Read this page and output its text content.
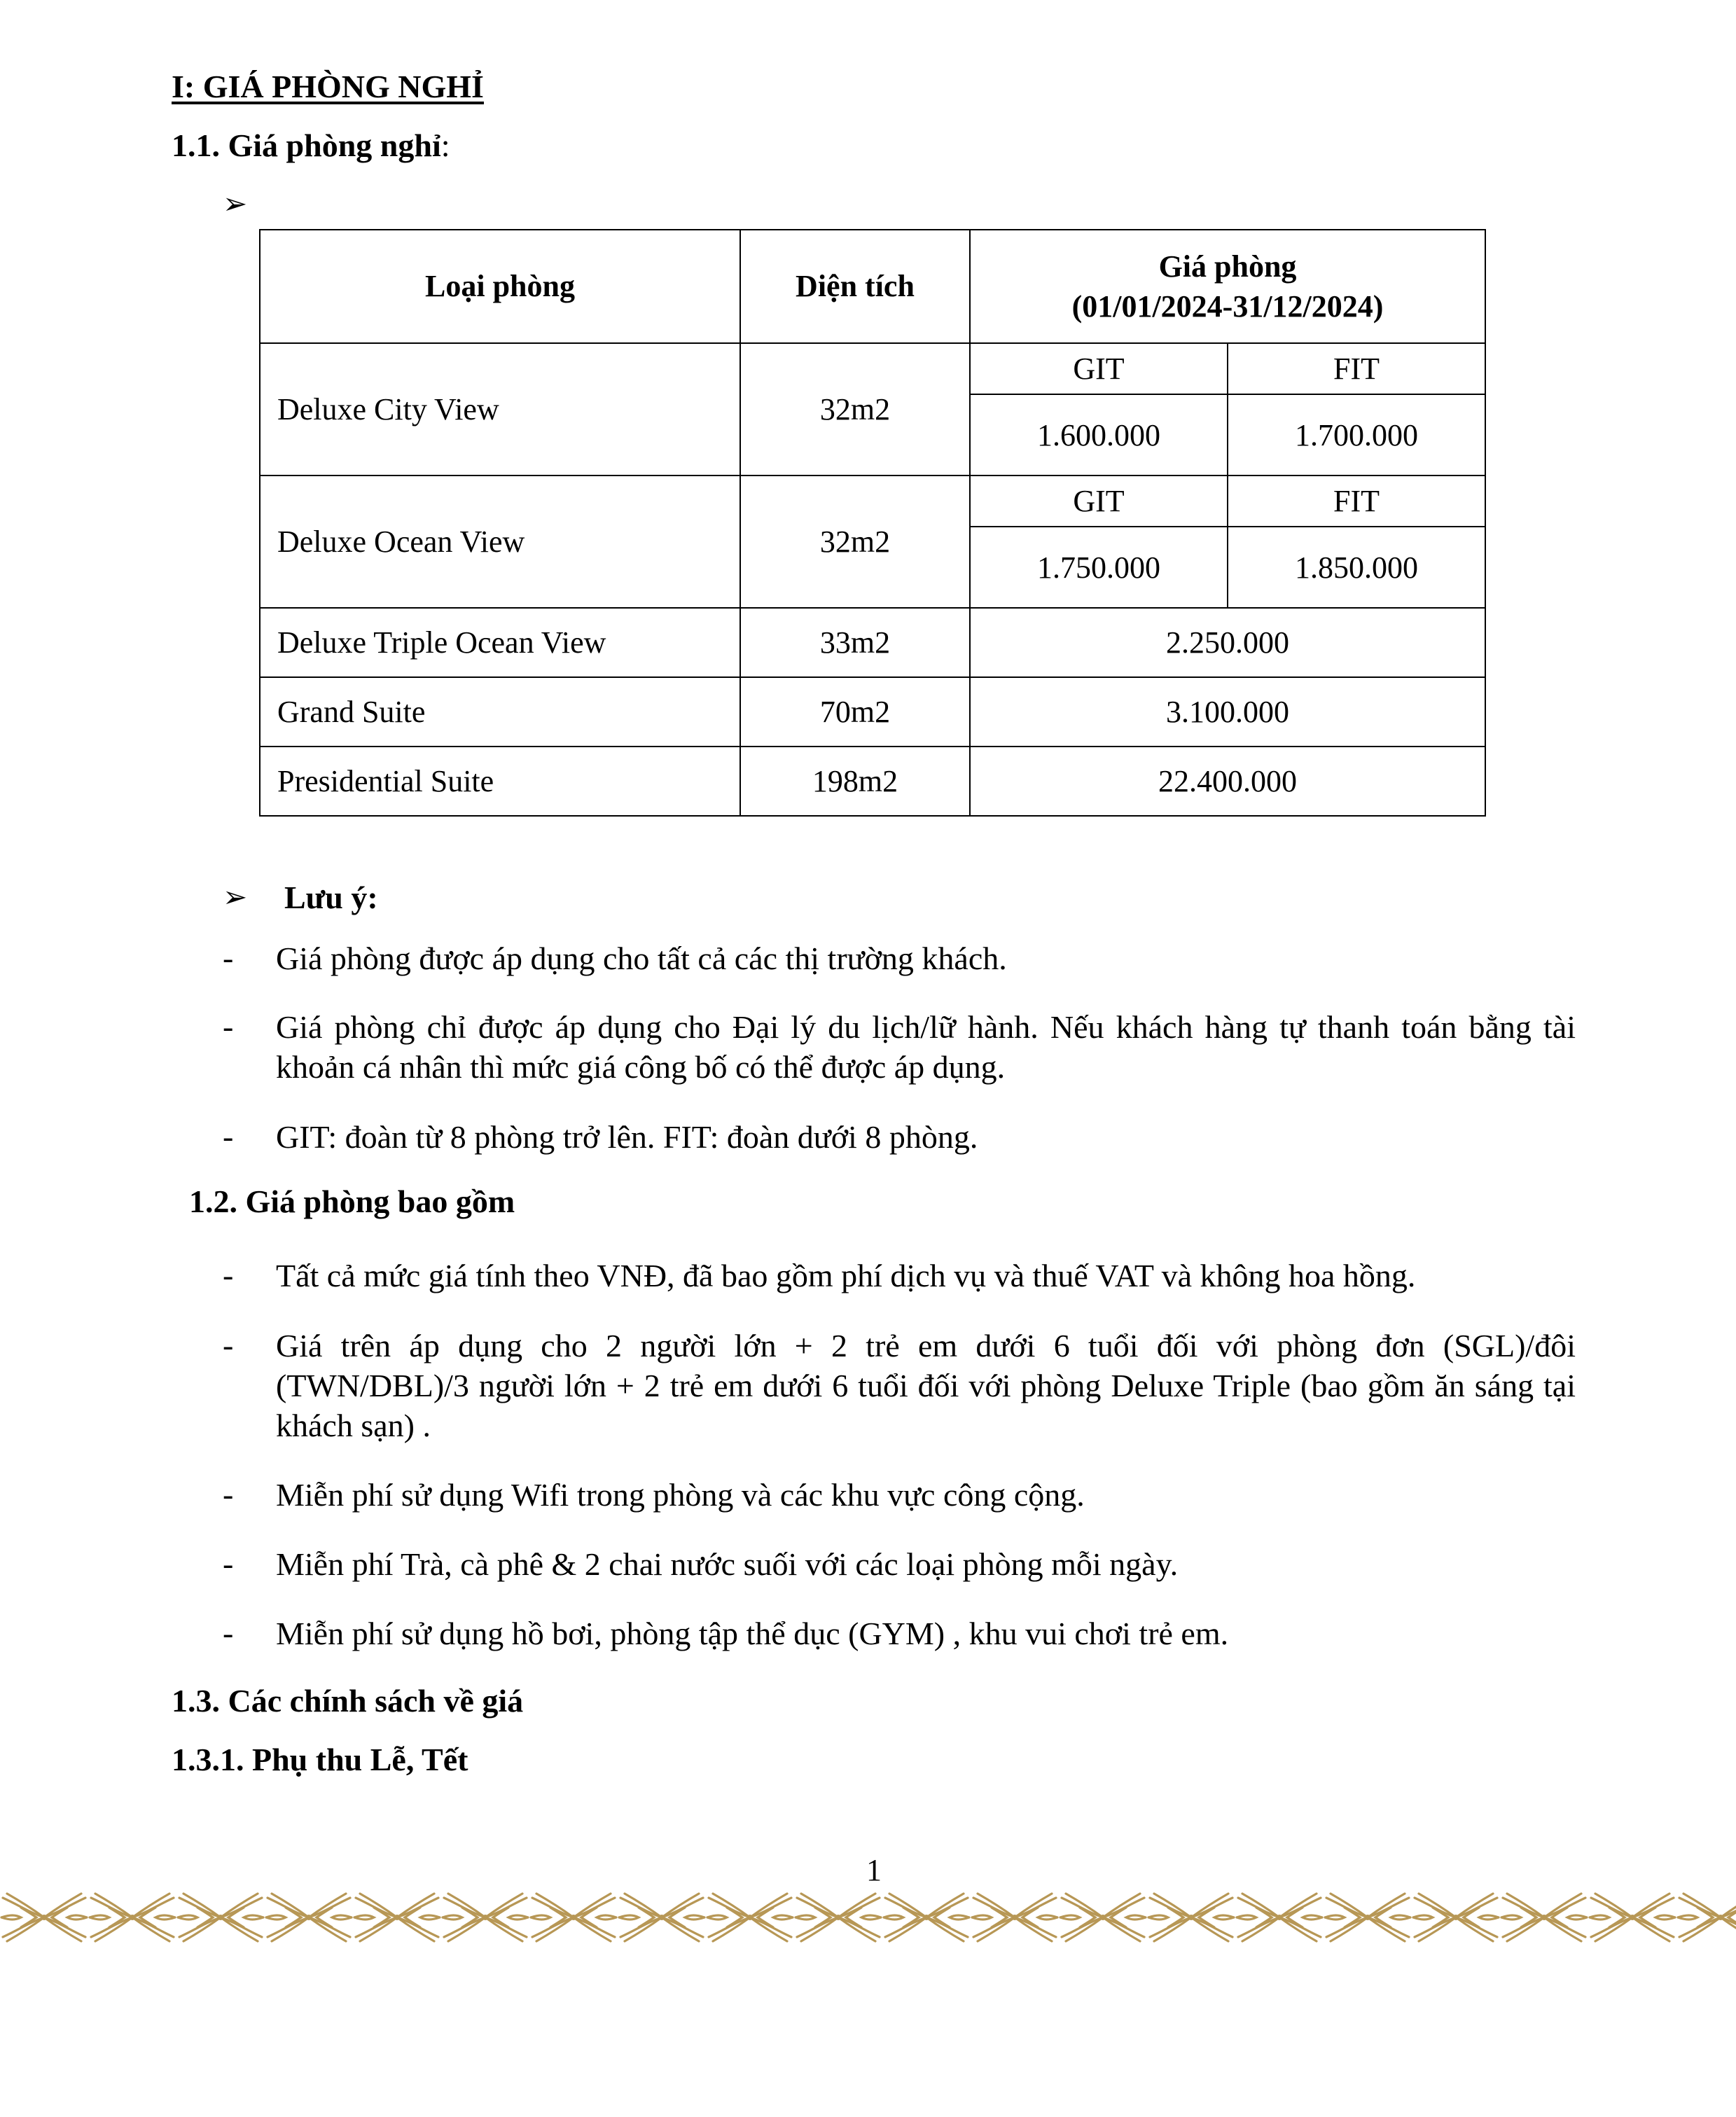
I: GIÁ PHÒNG NGHỈ
1.1. Giá phòng nghỉ:
➢
Loại phòng	Diện tích	Giá phòng
(01/01/2024-31/12/2024)	

Deluxe City View	32m2	GIT	FIT
		1.600.000	1.700.000
Deluxe Ocean View	32m2	GIT	FIT
		1.750.000	1.850.000
Deluxe Triple Ocean View	33m2	2.250.000	
Grand Suite	70m2	3.100.000	
Presidential Suite	198m2	22.400.000	
➢ Lưu ý:
- Giá phòng được áp dụng cho tất cả các thị trường khách.
- Giá phòng chỉ được áp dụng cho Đại lý du lịch/lữ hành. Nếu khách hàng tự thanh toán bằng tài khoản cá nhân thì mức giá công bố có thể được áp dụng.
- GIT: đoàn từ 8 phòng trở lên. FIT: đoàn dưới 8 phòng.
1.2. Giá phòng bao gồm
- Tất cả mức giá tính theo VNĐ, đã bao gồm phí dịch vụ và thuế VAT và không hoa hồng.
- Giá trên áp dụng cho 2 người lớn + 2 trẻ em dưới 6 tuổi đối với phòng đơn (SGL)/đôi (TWN/DBL)/3 người lớn + 2 trẻ em dưới 6 tuổi đối với phòng Deluxe Triple (bao gồm ăn sáng tại khách sạn) .
- Miễn phí sử dụng Wifi trong phòng và các khu vực công cộng.
- Miễn phí Trà, cà phê & 2 chai nước suối với các loại phòng mỗi ngày.
- Miễn phí sử dụng hồ bơi, phòng tập thể dục (GYM) , khu vui chơi trẻ em.
1.3. Các chính sách về giá
1.3.1. Phụ thu Lễ, Tết
1
